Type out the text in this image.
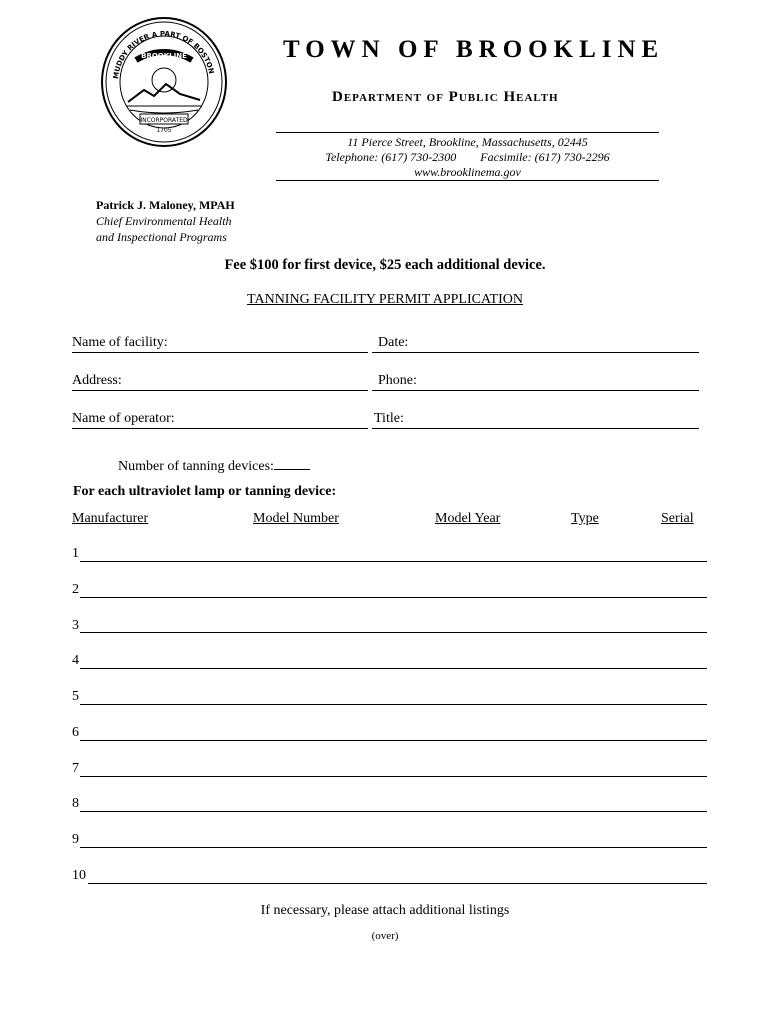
MUDDY RIVER A PART OF BOSTON
BROOKLINE
INCORPORATED
1705
TOWN OF BROOKLINE
Department of Public Health
11 Pierce Street, Brookline, Massachusetts, 02445
Telephone: (617) 730-2300 Facsimile: (617) 730-2296
www.brooklinema.gov
Patrick J. Maloney, MPAH
Chief Environmental Health
and Inspectional Programs
Fee $100 for first device, $25 each additional device.
TANNING FACILITY PERMIT APPLICATION
Name of facility:	Date:
Address:	Phone:
Name of operator:	Title:
Number of tanning devices:
For each ultraviolet lamp or tanning device:
Manufacturer	Model Number	Model Year	Type	Serial
1
2
3
4
5
6
7
8
9
10
If necessary, please attach additional listings
(over)
